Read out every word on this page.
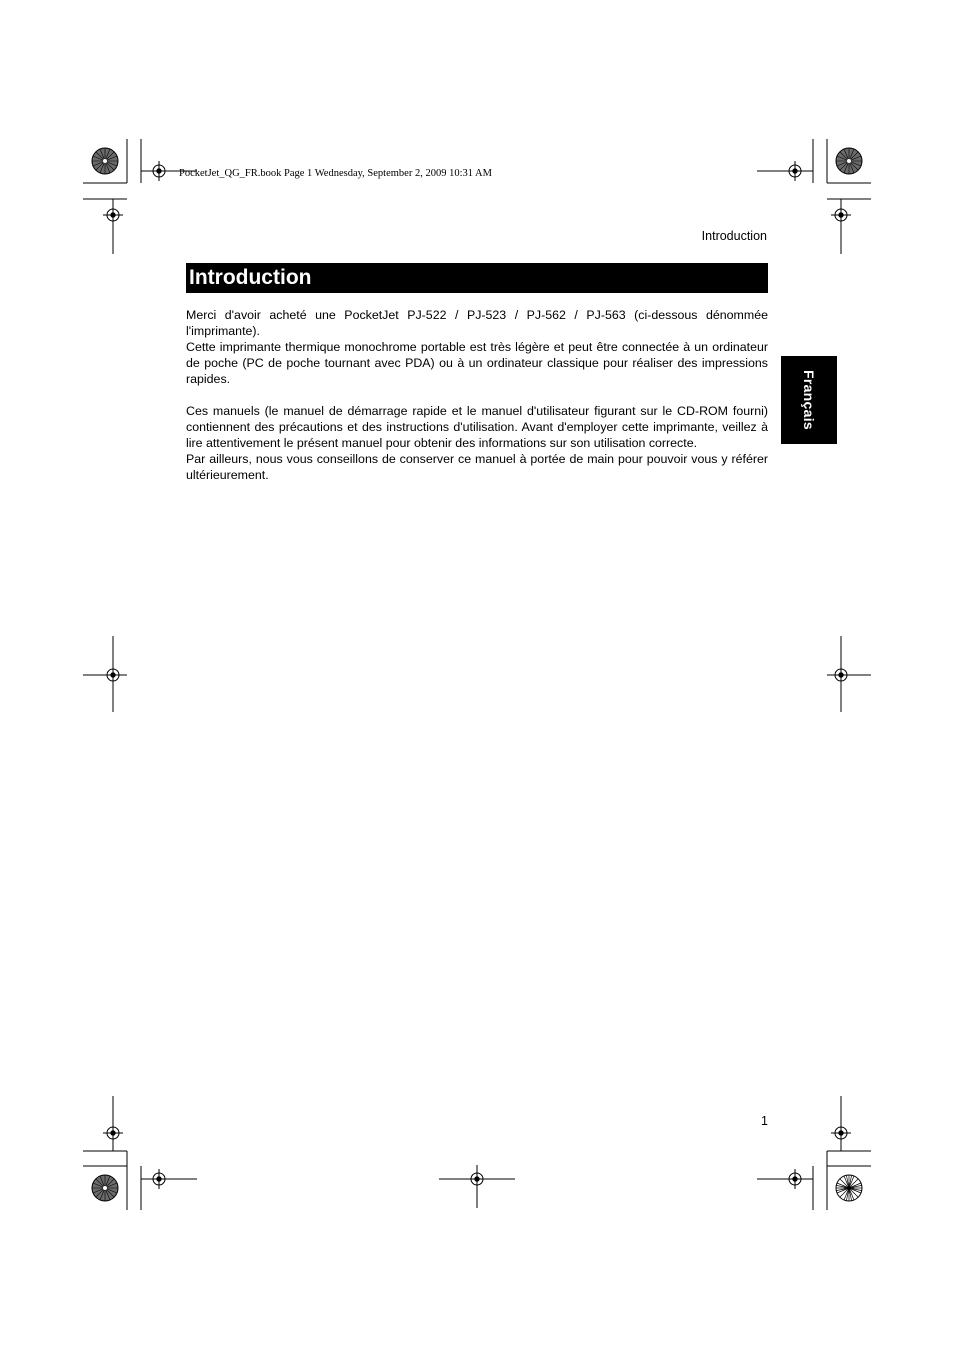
PocketJet_QG_FR.book Page 1 Wednesday, September 2, 2009 10:31 AM
Introduction
Introduction

Merci d'avoir acheté une PocketJet PJ-522 / PJ-523 / PJ-562 / PJ-563 (ci-dessous dénommée l'imprimante).

Cette imprimante thermique monochrome portable est très légère et peut être connectée à un ordinateur de poche (PC de poche tournant avec PDA) ou à un ordinateur classique pour réaliser des impressions rapides.

Ces manuels (le manuel de démarrage rapide et le manuel d'utilisateur figurant sur le CD-ROM fourni) contiennent des précautions et des instructions d'utilisation. Avant d'employer cette imprimante, veillez à lire attentivement le présent manuel pour obtenir des informations sur son utilisation correcte.

Par ailleurs, nous vous conseillons de conserver ce manuel à portée de main pour pouvoir vous y référer ultérieurement.

Français
1
